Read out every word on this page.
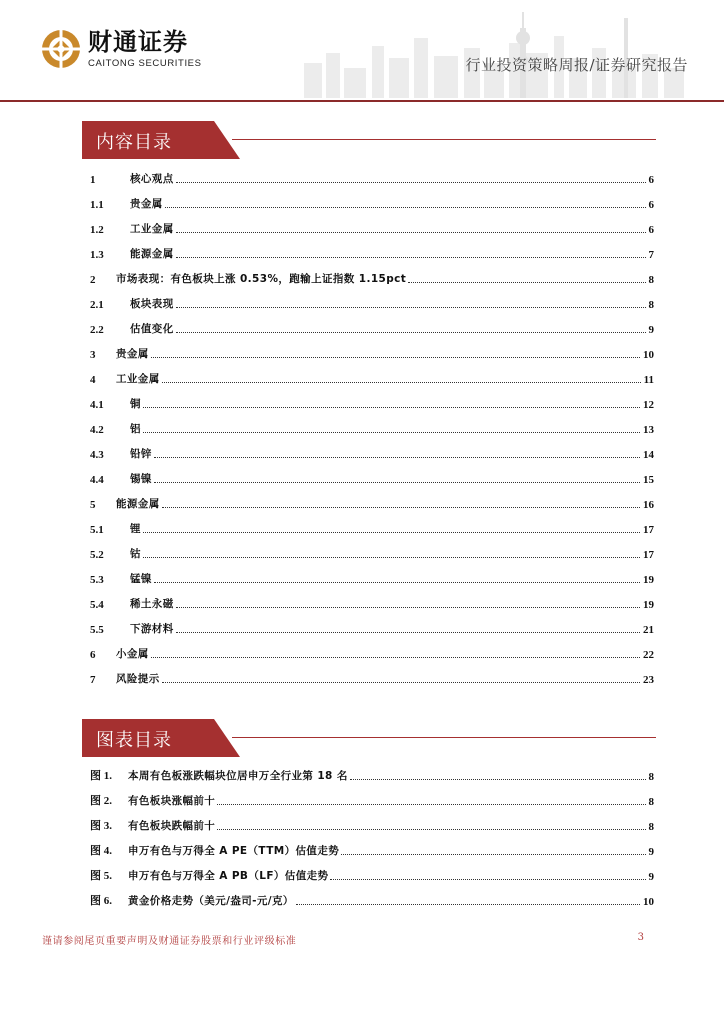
财通证券
CAITONG SECURITIES	行业投资策略周报/证券研究报告
内容目录
1	核心观点	6
1.1	贵金属	6
1.2	工业金属	6
1.3	能源金属	7
2	市场表现：有色板块上涨 0.53%，跑输上证指数 1.15pct	8
2.1	板块表现	8
2.2	估值变化	9
3	贵金属	10
4	工业金属	11
4.1	铜	12
4.2	铝	13
4.3	铅锌	14
4.4	锡镍	15
5	能源金属	16
5.1	锂	17
5.2	钴	17
5.3	锰镍	19
5.4	稀土永磁	19
5.5	下游材料	21
6	小金属	22
7	风险提示	23
图表目录
图 1.	本周有色板涨跌幅块位居申万全行业第 18 名	8
图 2.	有色板块涨幅前十	8
图 3.	有色板块跌幅前十	8
图 4.	申万有色与万得全 A PE（TTM）估值走势	9
图 5.	申万有色与万得全 A PB（LF）估值走势	9
图 6.	黄金价格走势（美元/盎司-元/克）	10
谨请参阅尾页重要声明及财通证券股票和行业评级标准	3
